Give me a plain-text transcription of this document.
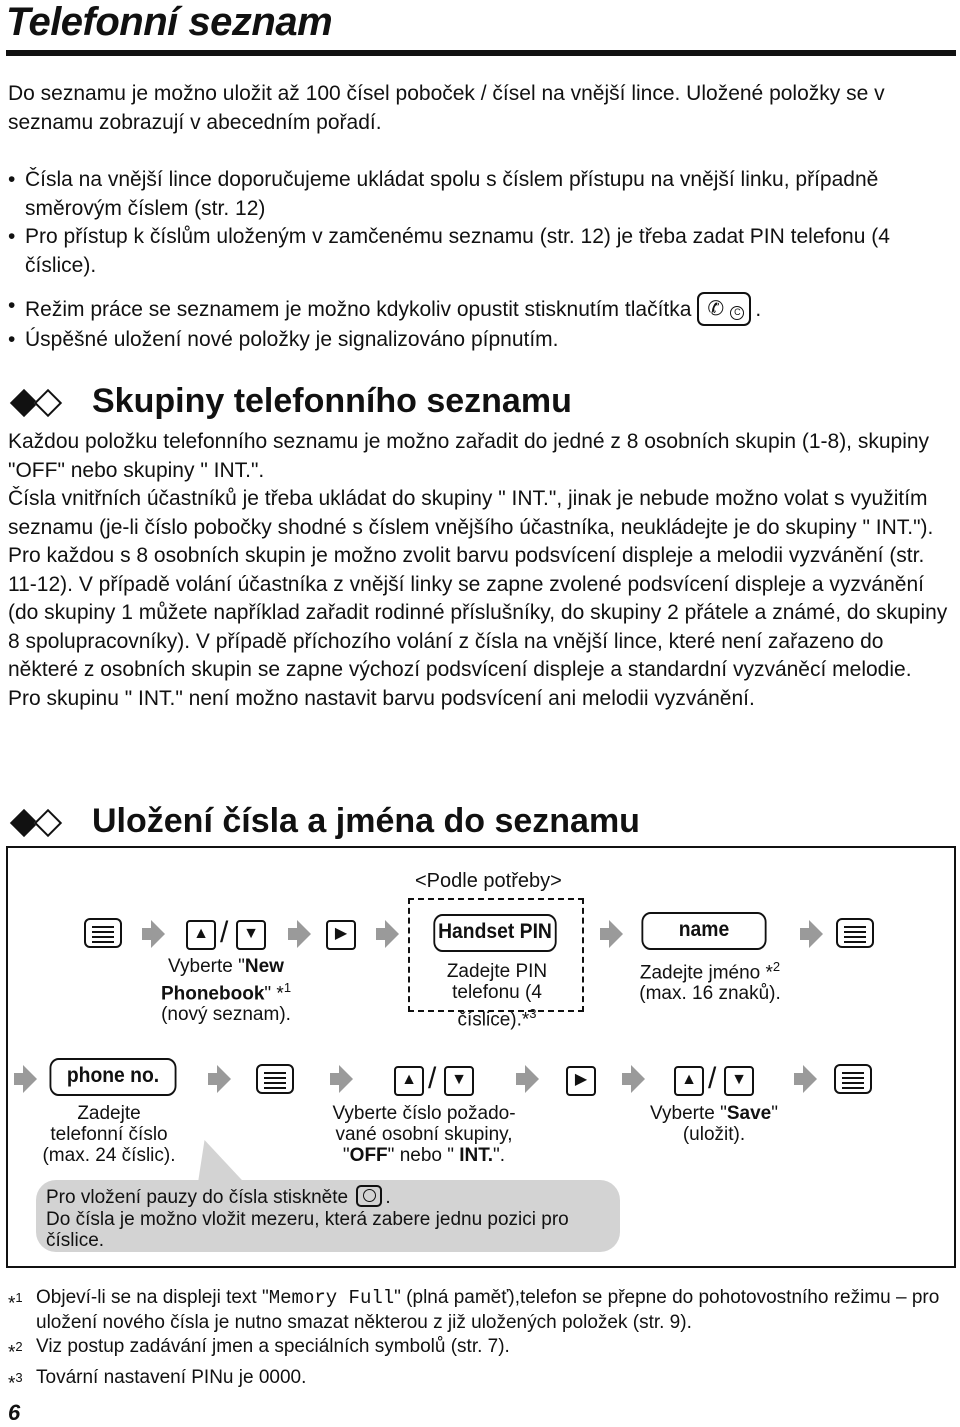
Telefonní seznam

Do seznamu je možno uložit až 100 čísel poboček / čísel na vnější lince. Uložené položky se v seznamu zobrazují v abecedním pořadí.

• Čísla na vnější lince doporučujeme ukládat spolu s číslem přístupu na vnější linku, případně směrovým číslem (str. 12)
• Pro přístup k číslům uloženým v zamčenému seznamu (str. 12) je třeba zadat PIN telefonu (4 číslice).
• Režim práce se seznamem je možno kdykoliv opustit stisknutím tlačítka ✆	C .
• Úspěšné uložení nové položky je signalizováno pípnutím.
Skupiny telefonního seznamu

Každou položku telefonního seznamu je možno zařadit do jedné z 8 osobních skupin (1-8), skupiny "OFF" nebo skupiny " INT.".

Čísla vnitřních účastníků je třeba ukládat do skupiny " INT.", jinak je nebude možno volat s využitím seznamu (je-li číslo pobočky shodné s číslem vnějšího účastníka, neukládejte je do skupiny " INT.").

Pro každou s 8 osobních skupin je možno zvolit barvu podsvícení displeje a melodii vyzvánění (str. 11-12). V případě volání účastníka z vnější linky se zapne zvolené podsvícení displeje a vyzvánění (do skupiny 1 můžete například zařadit rodinné příslušníky, do skupiny 2 přátele a známé, do skupiny 8 spolupracovníky). V případě příchozího volání z čísla na vnější lince, které není zařazeno do některé z osobních skupin se zapne výchozí podsvícení displeje a standardní vyzváněcí melodie.

Pro skupinu " INT." není možno nastavit barvu podsvícení ani melodii vyzvánění.

Uložení čísla a jména do seznamu
<Podle potřeby>
▲ / ▼	▶	Handset PIN	name
Vyberte "New Phonebook" *$^1$
(nový seznam).
Zadejte PIN
telefonu (4 číslice).*$^3$
Zadejte jméno *$^2$
(max. 16 znaků).
phone no.	▲ / ▼	▶	▲ / ▼
Zadejte
telefonní číslo
(max. 24 číslic).
Vyberte číslo požado-
vané osobní skupiny,
"OFF" nebo " INT.".
Vyberte "Save"
(uložit).
Pro vložení pauzy do čísla stiskněte .
Do čísla je možno vložit mezeru, která zabere jednu pozici pro číslice.
*$^1$ Objeví-li se na displeji text "Memory Full" (plná paměť),telefon se přepne do pohotovostního režimu – pro uložení nového čísla je nutno smazat některou z již uložených položek (str. 9).
*$^2$ Viz postup zadávání jmen a speciálních symbolů (str. 7).
*$^3$ Tovární nastavení PINu je 0000.
6
